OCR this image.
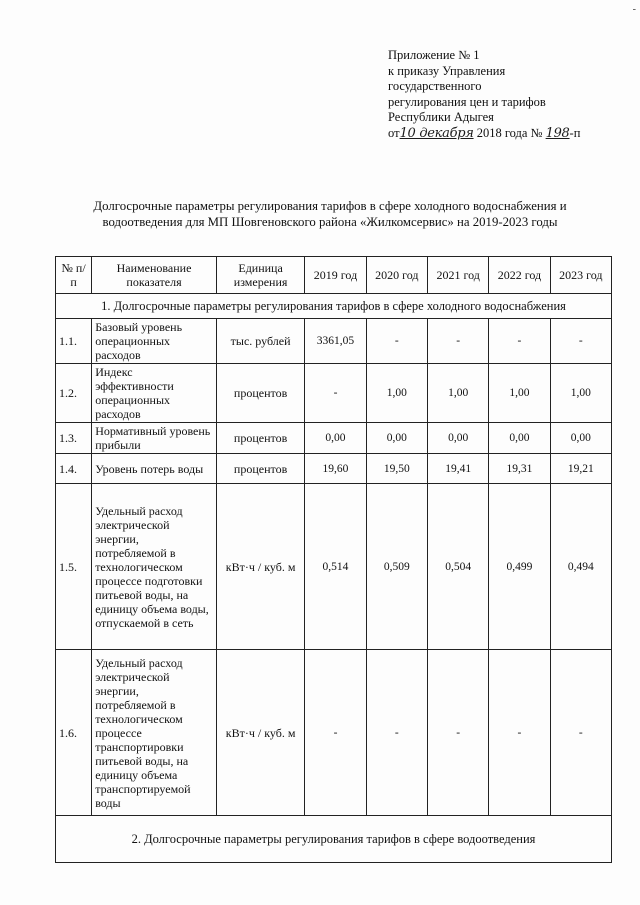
-
Приложение № 1
к приказу Управления
государственного
регулирования цен и тарифов
Республики Адыгея
от10 декабря 2018 года № 198-п
Долгосрочные параметры регулирования тарифов в сфере холодного водоснабжения и
водоотведения для МП Шовгеновского района «Жилкомсервис» на 2019-2023 годы
№ п/п	Наименование показателя	Единица измерения	2019 год	2020 год	2021 год	2022 год	2023 год
1. Долгосрочные параметры регулирования тарифов в сфере холодного водоснабжения							
1.1.	Базовый уровень операционных расходов	тыс. рублей	3361,05	-	-	-	-
1.2.	Индекс эффективности операционных расходов	процентов	-	1,00	1,00	1,00	1,00
1.3.	Нормативный уровень прибыли	процентов	0,00	0,00	0,00	0,00	0,00
1.4.	Уровень потерь воды	процентов	19,60	19,50	19,41	19,31	19,21
1.5.	Удельный расход электрической энергии, потребляемой в технологическом процессе подготовки питьевой воды, на единицу объема воды, отпускаемой в сеть	кВт·ч / куб. м	0,514	0,509	0,504	0,499	0,494
1.6.	Удельный расход электрической энергии, потребляемой в технологическом процессе транспортировки питьевой воды, на единицу объема транспортируемой воды	кВт·ч / куб. м	-	-	-	-	-
2. Долгосрочные параметры регулирования тарифов в сфере водоотведения							
